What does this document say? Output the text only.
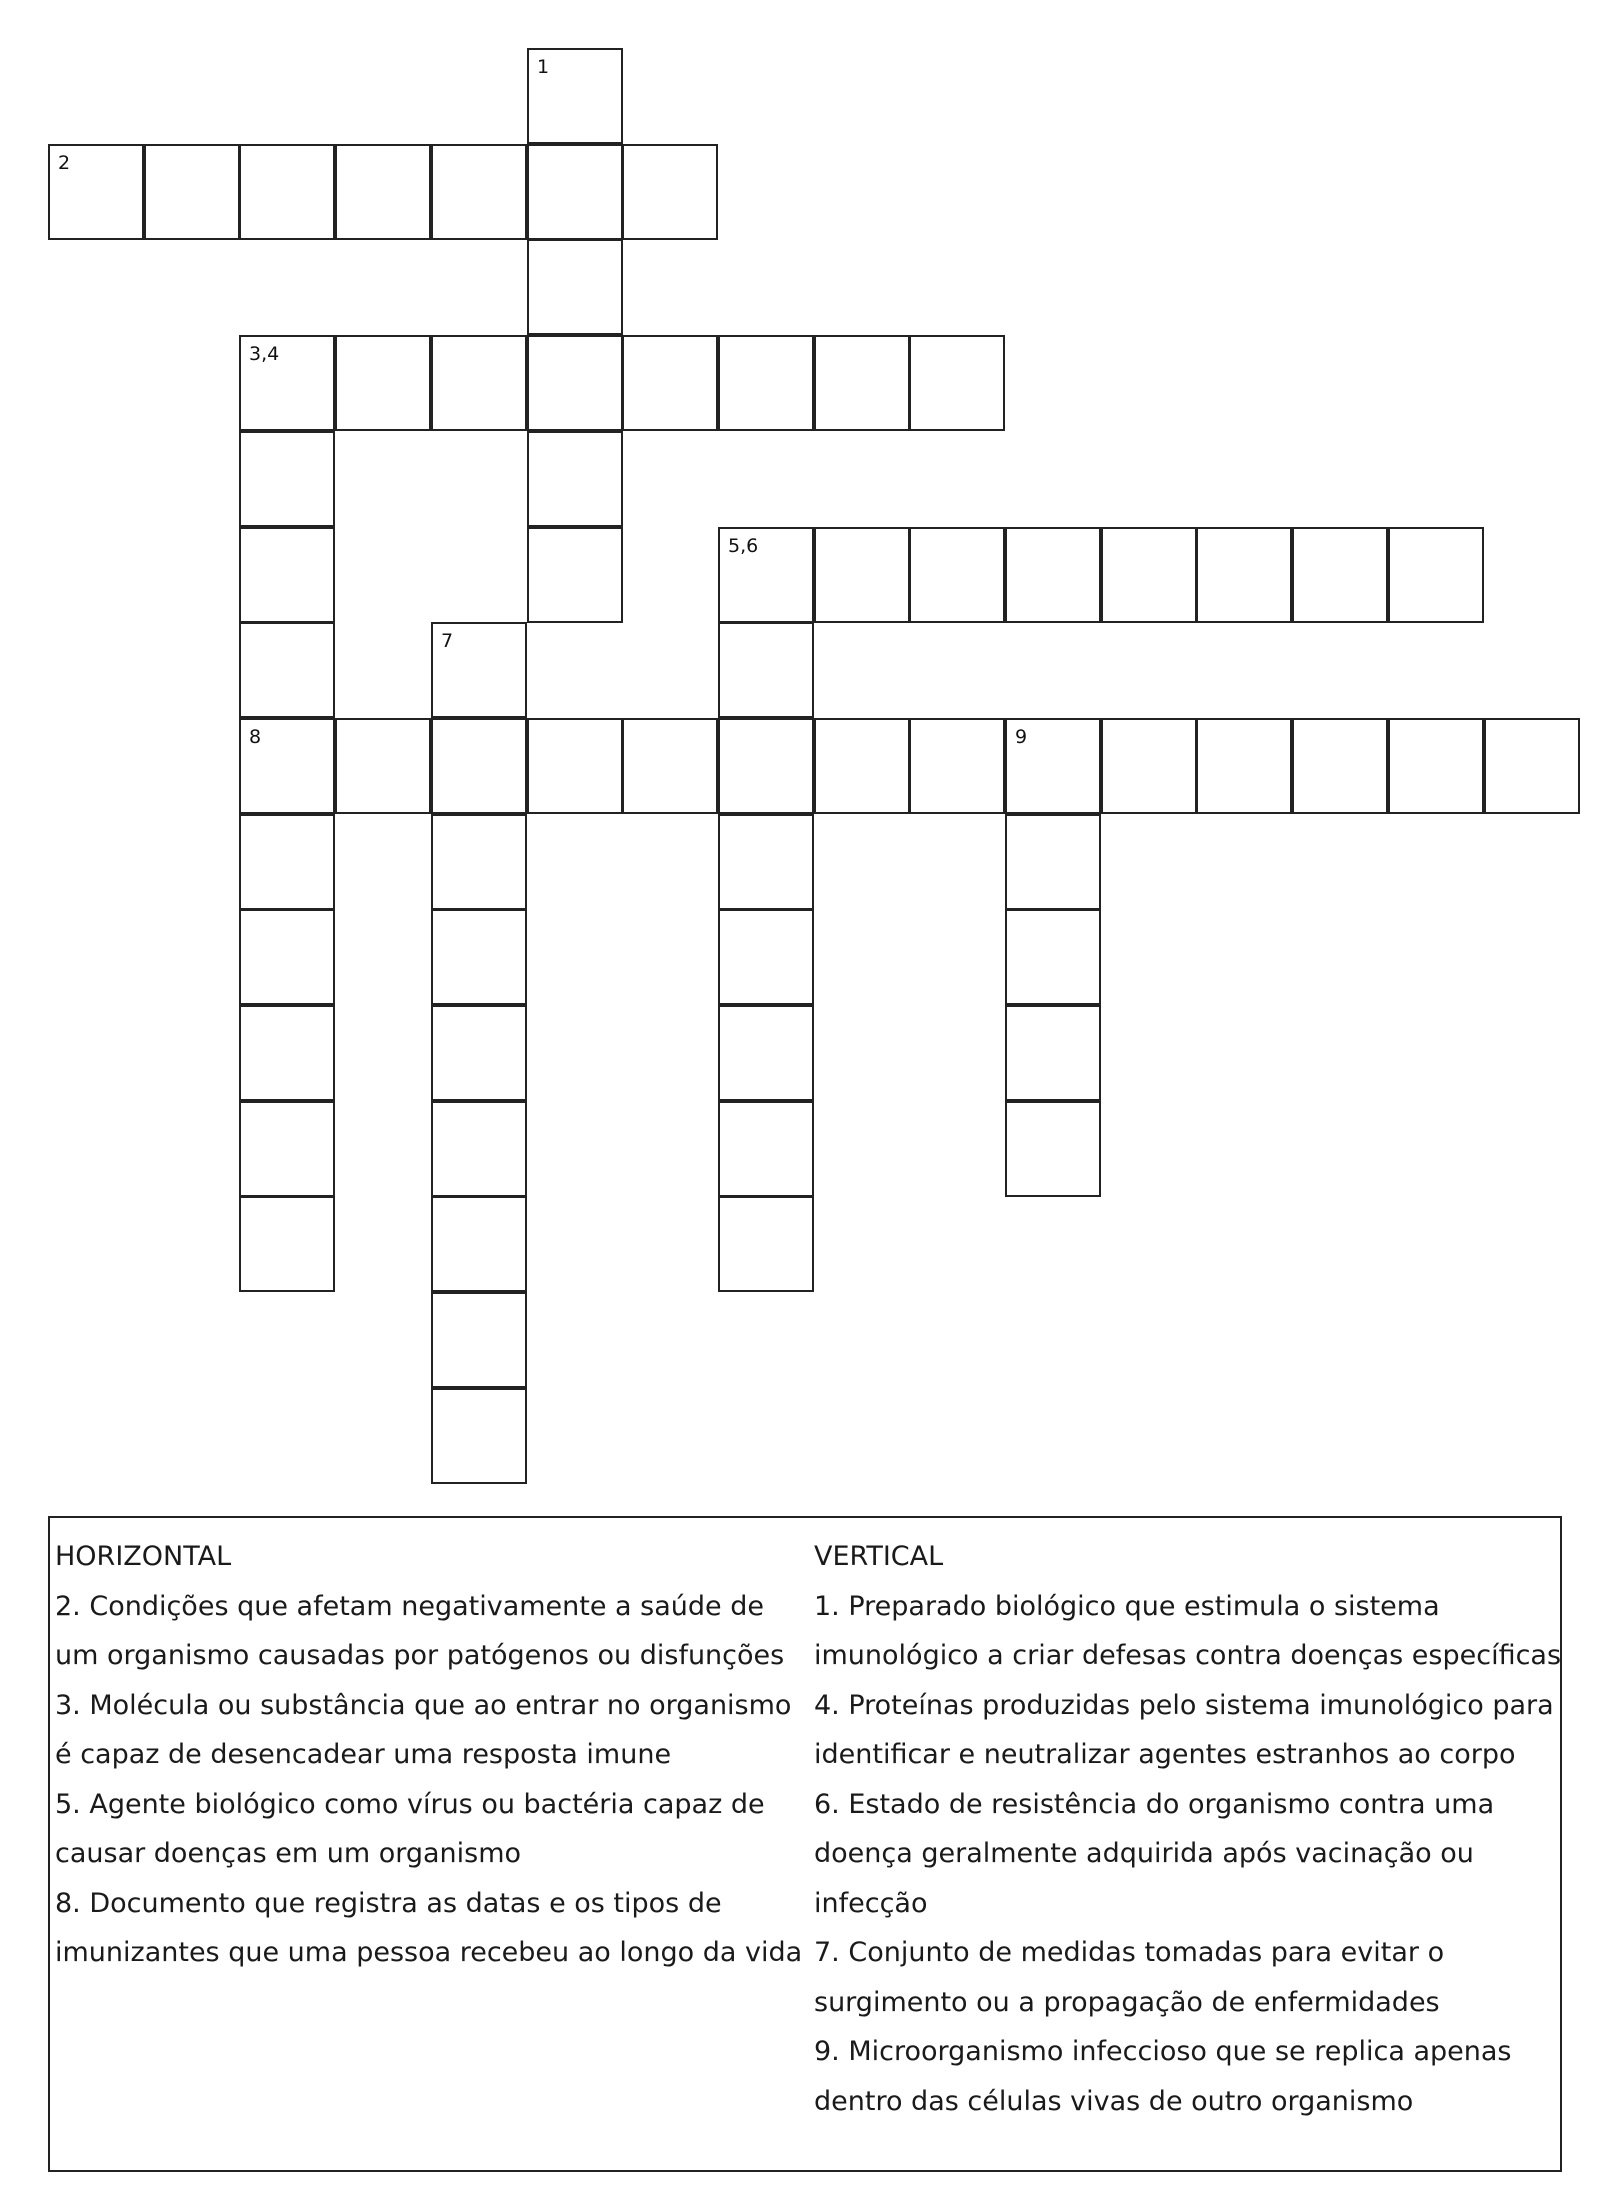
1
2
3,4
5,6
7
8	9
HORIZONTAL
2. Condições que afetam negativamente a saúde de
um organismo causadas por patógenos ou disfunções
3. Molécula ou substância que ao entrar no organismo
é capaz de desencadear uma resposta imune
5. Agente biológico como vírus ou bactéria capaz de
causar doenças em um organismo
8. Documento que registra as datas e os tipos de
imunizantes que uma pessoa recebeu ao longo da vida
VERTICAL
1. Preparado biológico que estimula o sistema
imunológico a criar defesas contra doenças específicas
4. Proteínas produzidas pelo sistema imunológico para
identificar e neutralizar agentes estranhos ao corpo
6. Estado de resistência do organismo contra uma
doença geralmente adquirida após vacinação ou
infecção
7. Conjunto de medidas tomadas para evitar o
surgimento ou a propagação de enfermidades
9. Microorganismo infeccioso que se replica apenas
dentro das células vivas de outro organismo
